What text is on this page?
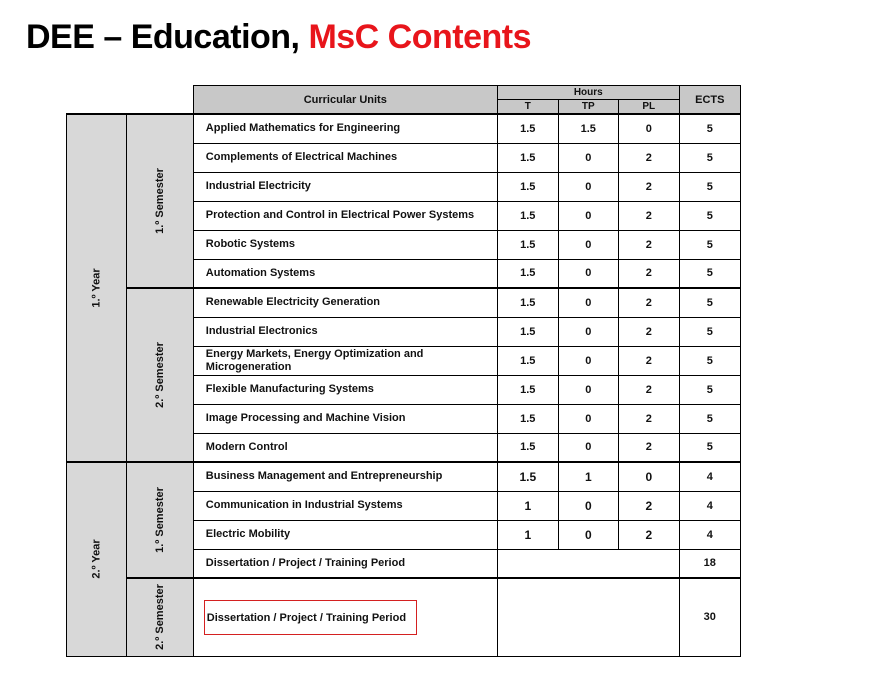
DEE – Education, MsC Contents
		Curricular Units	Hours			ECTS
			T	TP	PL	
1.º Year	1.º Semester	Applied Mathematics for Engineering	1.5	1.5	0	5
		Complements of Electrical Machines	1.5	0	2	5
		Industrial Electricity	1.5	0	2	5
		Protection and Control in Electrical Power Systems	1.5	0	2	5
		Robotic Systems	1.5	0	2	5
		Automation Systems	1.5	0	2	5
	2.º Semester	Renewable Electricity Generation	1.5	0	2	5
		Industrial Electronics	1.5	0	2	5
		Energy Markets, Energy Optimization and Microgeneration	1.5	0	2	5
		Flexible Manufacturing Systems	1.5	0	2	5
		Image Processing and Machine Vision	1.5	0	2	5
		Modern Control	1.5	0	2	5
2.º Year	1.º Semester	Business Management and Entrepreneurship	1.5	1	0	4
		Communication in Industrial Systems	1	0	2	4
		Electric Mobility	1	0	2	4
		Dissertation / Project / Training Period				18
	2.º Semester	Dissertation / Project / Training Period				30
